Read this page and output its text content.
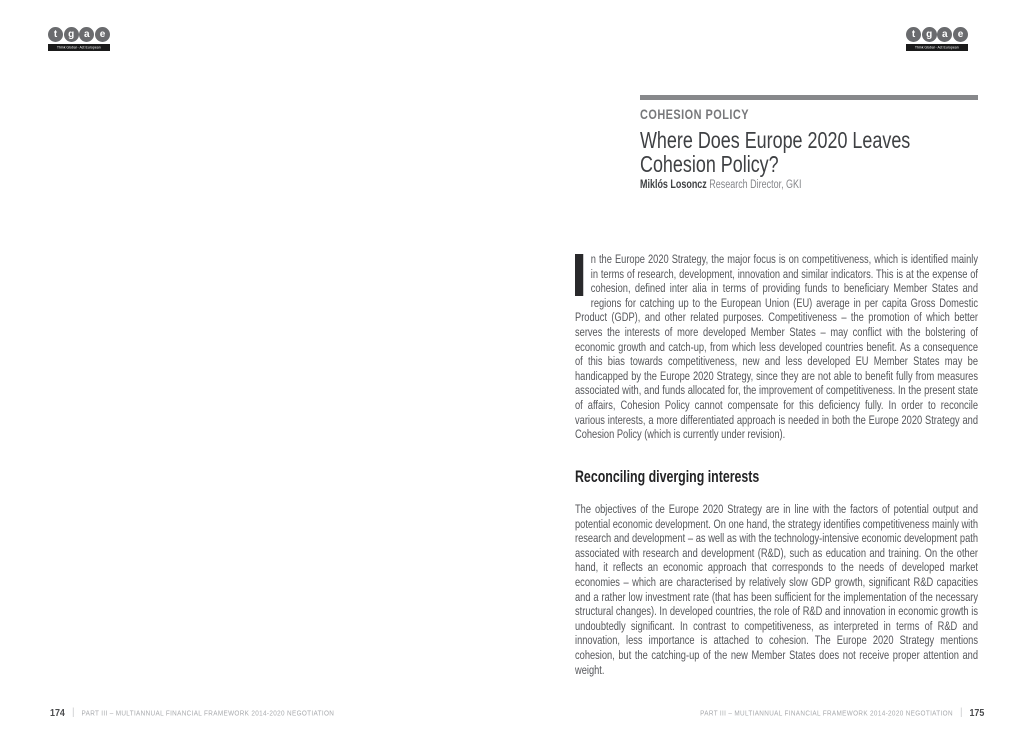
t	g a	e
Think Global - Act European
t	g a	e
Think Global - Act European
COHESION POLICY
Where Does Europe 2020 Leaves
Cohesion Policy?
Miklós Losoncz Research Director, GKI

n the Europe 2020 Strategy, the major focus is on competitiveness, which is identified mainly in terms of research, development, innovation and similar indicators. This is at the expense of cohesion, defined inter alia in terms of providing funds to beneficiary Member States and regions for catching up to the European Union (EU) average in per capita Gross Domestic Product (GDP), and other related purposes. Competitiveness – the promotion of which better serves the interests of more developed Member States – may conflict with the bolstering of economic growth and catch-up, from which less developed countries benefit. As a consequence of this bias towards competitiveness, new and less developed EU Member States may be handicapped by the Europe 2020 Strategy, since they are not able to benefit fully from measures associated with, and funds allocated for, the improvement of competitiveness. In the present state of affairs, Cohesion Policy cannot compensate for this deficiency fully. In order to reconcile various interests, a more differentiated approach is needed in both the Europe 2020 Strategy and Cohesion Policy (which is currently under revision).

Reconciling diverging interests

The objectives of the Europe 2020 Strategy are in line with the factors of potential output and potential economic development. On one hand, the strategy identifies competitiveness mainly with research and development – as well as with the technology-intensive economic development path associated with research and development (R&D), such as education and training. On the other hand, it reflects an economic approach that corresponds to the needs of developed market economies – which are characterised by relatively slow GDP growth, significant R&D capacities and a rather low investment rate (that has been sufficient for the implementation of the necessary structural changes). In developed countries, the role of R&D and innovation in economic growth is undoubtedly significant. In contrast to competitiveness, as interpreted in terms of R&D and innovation, less importance is attached to cohesion. The Europe 2020 Strategy mentions cohesion, but the catching-up of the new Member States does not receive proper attention and weight.

174 | PART III – MULTIANNUAL FINANCIAL FRAMEWORK 2014-2020 NEGOTIATION	PART III – MULTIANNUAL FINANCIAL FRAMEWORK 2014-2020 NEGOTIATION | 175
